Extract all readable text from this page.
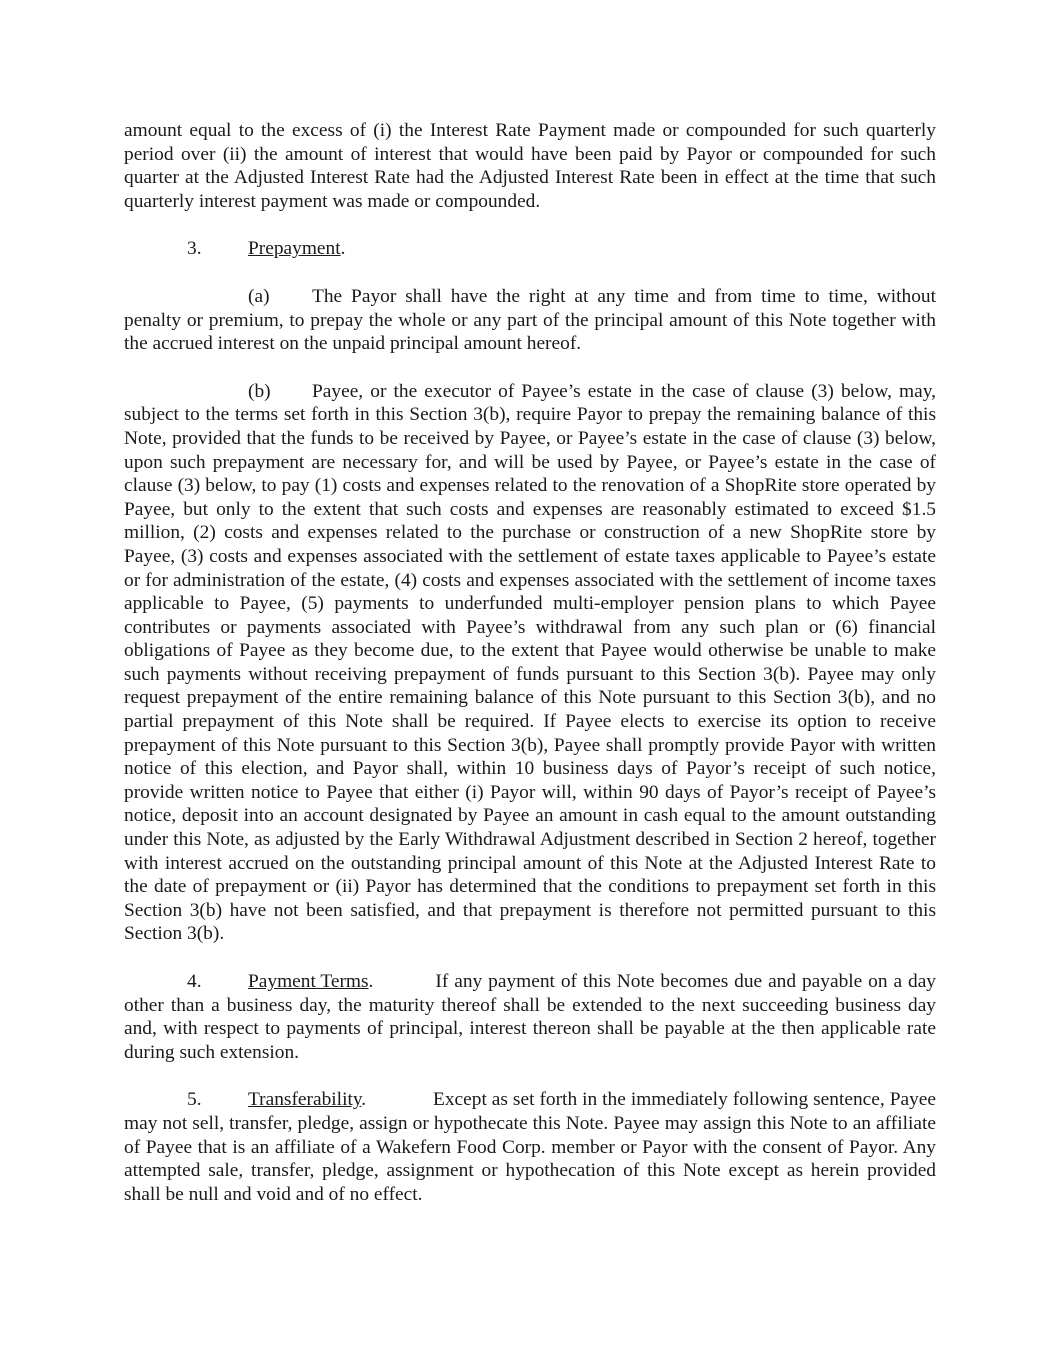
amount equal to the excess of (i) the Interest Rate Payment made or compounded for such quarterly period over (ii) the amount of interest that would have been paid by Payor or compounded for such quarter at the Adjusted Interest Rate had the Adjusted Interest Rate been in effect at the time that such quarterly interest payment was made or compounded.

3. Prepayment.

(a) The Payor shall have the right at any time and from time to time, without penalty or premium, to prepay the whole or any part of the principal amount of this Note together with the accrued interest on the unpaid principal amount hereof.

(b) Payee, or the executor of Payee’s estate in the case of clause (3) below, may, subject to the terms set forth in this Section 3(b), require Payor to prepay the remaining balance of this Note, provided that the funds to be received by Payee, or Payee’s estate in the case of clause (3) below, upon such prepayment are necessary for, and will be used by Payee, or Payee’s estate in the case of clause (3) below, to pay (1) costs and expenses related to the renovation of a ShopRite store operated by Payee, but only to the extent that such costs and expenses are reasonably estimated to exceed $1.5 million, (2) costs and expenses related to the purchase or construction of a new ShopRite store by Payee, (3) costs and expenses associated with the settlement of estate taxes applicable to Payee’s estate or for administration of the estate, (4) costs and expenses associated with the settlement of income taxes applicable to Payee, (5) payments to underfunded multi-employer pension plans to which Payee contributes or payments associated with Payee’s withdrawal from any such plan or (6) financial obligations of Payee as they become due, to the extent that Payee would otherwise be unable to make such payments without receiving prepayment of funds pursuant to this Section 3(b). Payee may only request prepayment of the entire remaining balance of this Note pursuant to this Section 3(b), and no partial prepayment of this Note shall be required. If Payee elects to exercise its option to receive prepayment of this Note pursuant to this Section 3(b), Payee shall promptly provide Payor with written notice of this election, and Payor shall, within 10 business days of Payor’s receipt of such notice, provide written notice to Payee that either (i) Payor will, within 90 days of Payor’s receipt of Payee’s notice, deposit into an account designated by Payee an amount in cash equal to the amount outstanding under this Note, as adjusted by the Early Withdrawal Adjustment described in Section 2 hereof, together with interest accrued on the outstanding principal amount of this Note at the Adjusted Interest Rate to the date of prepayment or (ii) Payor has determined that the conditions to prepayment set forth in this Section 3(b) have not been satisfied, and that prepayment is therefore not permitted pursuant to this Section 3(b).

4. Payment Terms.	If any payment of this Note becomes due and payable on a day other than a business day, the maturity thereof shall be extended to the next succeeding business day and, with respect to payments of principal, interest thereon shall be payable at the then applicable rate during such extension.

5. Transferability.	Except as set forth in the immediately following sentence, Payee may not sell, transfer, pledge, assign or hypothecate this Note. Payee may assign this Note to an affiliate of Payee that is an affiliate of a Wakefern Food Corp. member or Payor with the consent of Payor. Any attempted sale, transfer, pledge, assignment or hypothecation of this Note except as herein provided shall be null and void and of no effect.
